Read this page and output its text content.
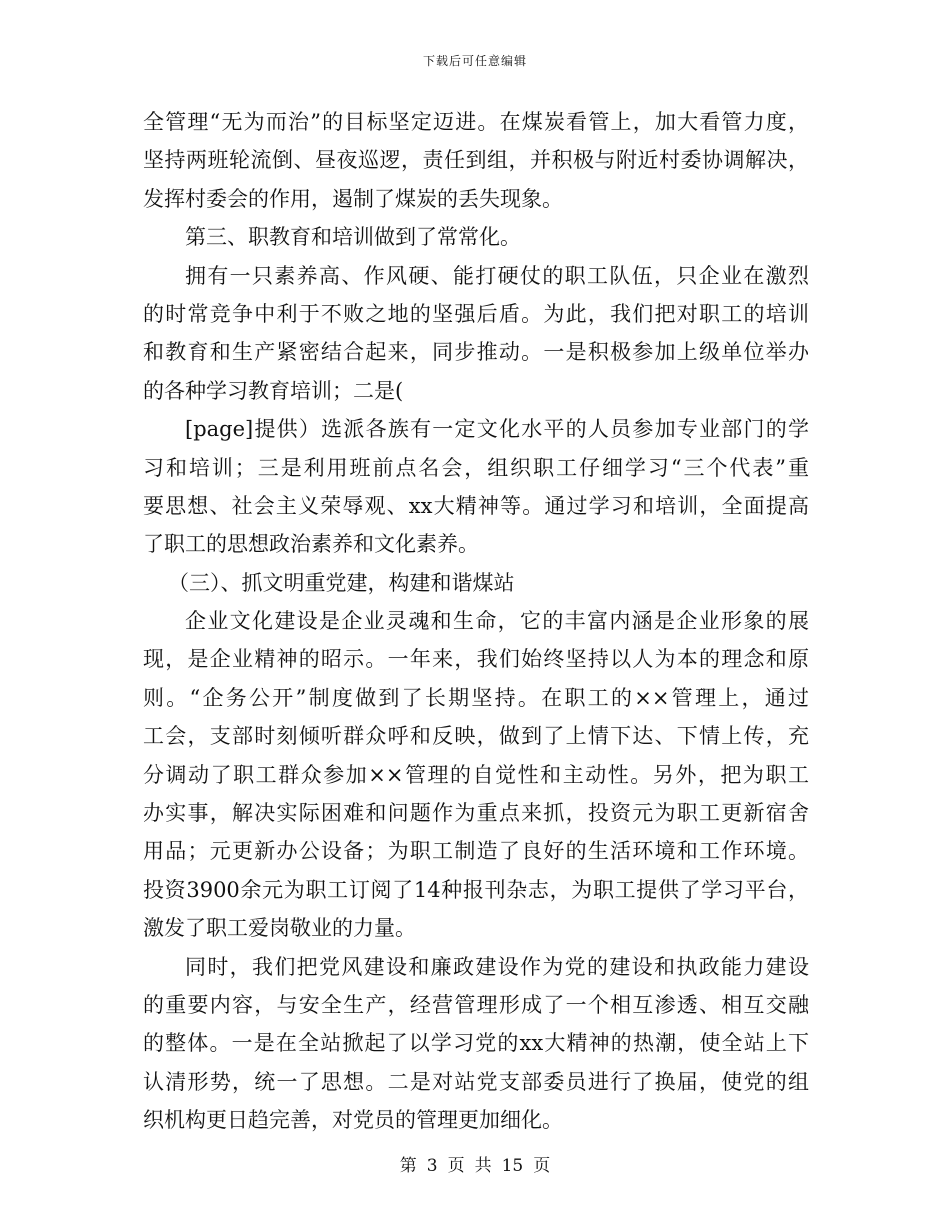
下载后可任意编辑
全管理“无为而治”的目标坚定迈进。在煤炭看管上，加大看管力度，
坚持两班轮流倒、昼夜巡逻，责任到组，并积极与附近村委协调解决，
发挥村委会的作用，遏制了煤炭的丢失现象。
第三、职教育和培训做到了常常化。
拥有一只素养高、作风硬、能打硬仗的职工队伍，只企业在激烈
的时常竞争中利于不败之地的坚强后盾。为此，我们把对职工的培训
和教育和生产紧密结合起来，同步推动。一是积极参加上级单位举办
的各种学习教育培训；二是(
[page]提供）选派各族有一定文化水平的人员参加专业部门的学
习和培训；三是利用班前点名会，组织职工仔细学习“三个代表”重
要思想、社会主义荣辱观、xx大精神等。通过学习和培训，全面提高
了职工的思想政治素养和文化素养。
（三）、抓文明重党建，构建和谐煤站
企业文化建设是企业灵魂和生命，它的丰富内涵是企业形象的展
现，是企业精神的昭示。一年来，我们始终坚持以人为本的理念和原
则。“企务公开”制度做到了长期坚持。在职工的××管理上，通过
工会，支部时刻倾听群众呼和反映，做到了上情下达、下情上传，充
分调动了职工群众参加××管理的自觉性和主动性。另外，把为职工
办实事，解决实际困难和问题作为重点来抓，投资元为职工更新宿舍
用品；元更新办公设备；为职工制造了良好的生活环境和工作环境。
投资3900余元为职工订阅了14种报刊杂志，为职工提供了学习平台，
激发了职工爱岗敬业的力量。
同时，我们把党风建设和廉政建设作为党的建设和执政能力建设
的重要内容，与安全生产，经营管理形成了一个相互渗透、相互交融
的整体。一是在全站掀起了以学习党的xx大精神的热潮，使全站上下
认清形势，统一了思想。二是对站党支部委员进行了换届，使党的组
织机构更日趋完善，对党员的管理更加细化。
第 3 页 共 15 页
